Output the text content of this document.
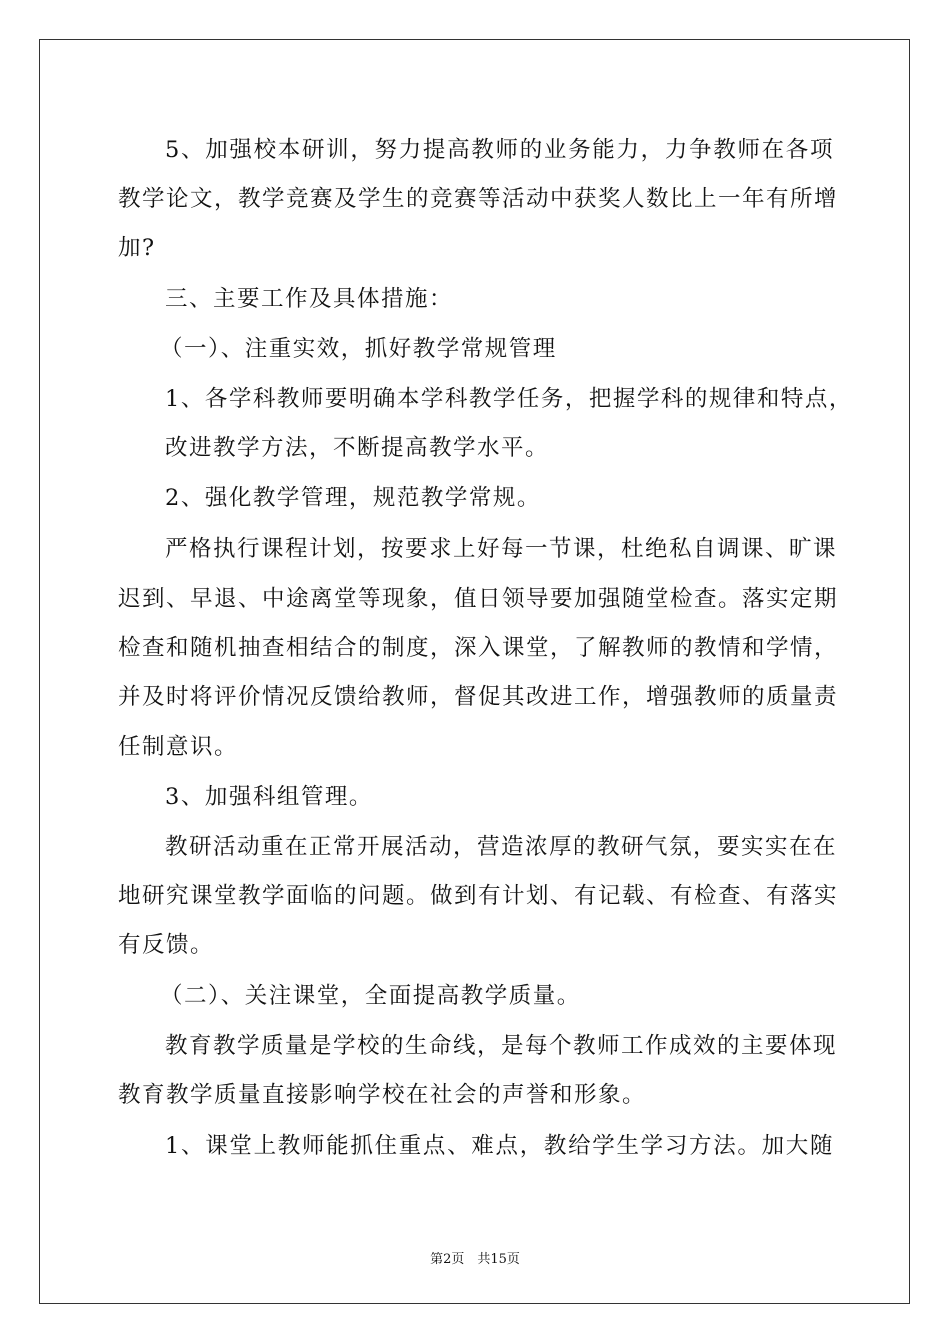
5、加强校本研训，努力提高教师的业务能力，力争教师在各项
教学论文，教学竞赛及学生的竞赛等活动中获奖人数比上一年有所增
加?
三、主要工作及具体措施：
（一）、注重实效，抓好教学常规管理
1、各学科教师要明确本学科教学任务，把握学科的规律和特点，
改进教学方法，不断提高教学水平。
2、强化教学管理，规范教学常规。
严格执行课程计划，按要求上好每一节课，杜绝私自调课、旷课
迟到、早退、中途离堂等现象，值日领导要加强随堂检查。落实定期
检查和随机抽查相结合的制度，深入课堂，了解教师的教情和学情，
并及时将评价情况反馈给教师，督促其改进工作，增强教师的质量责
任制意识。
3、加强科组管理。
教研活动重在正常开展活动，营造浓厚的教研气氛，要实实在在
地研究课堂教学面临的问题。做到有计划、有记载、有检查、有落实
有反馈。
（二）、关注课堂，全面提高教学质量。
教育教学质量是学校的生命线，是每个教师工作成效的主要体现
教育教学质量直接影响学校在社会的声誉和形象。
1、课堂上教师能抓住重点、难点，教给学生学习方法。加大随
第2页　共15页
